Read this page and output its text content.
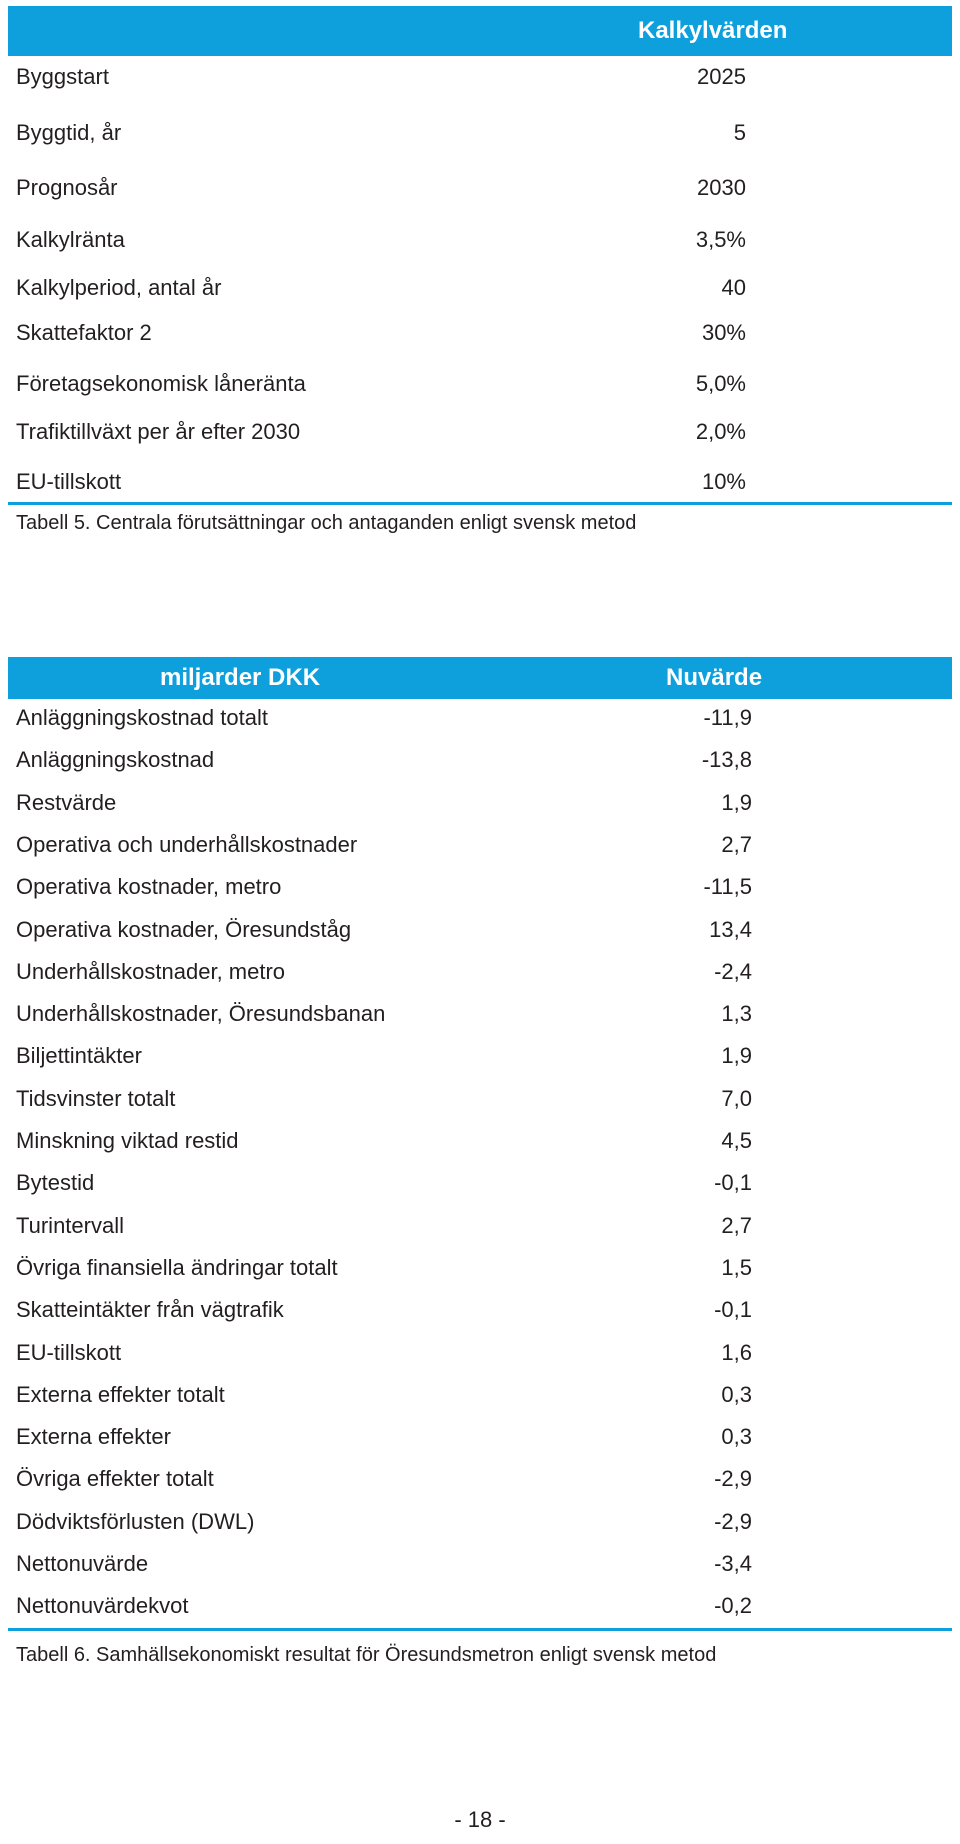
Kalkylvärden
Byggstart	2025
Byggtid, år	5
Prognosår	2030
Kalkylränta	3,5%
Kalkylperiod, antal år	40
Skattefaktor 2	30%
Företagsekonomisk låneränta	5,0%
Trafiktillväxt per år efter 2030	2,0%
EU-tillskott	10%
Tabell 5. Centrala förutsättningar och antaganden enligt svensk metod
miljarder DKK	Nuvärde
Anläggningskostnad totalt	-11,9
Anläggningskostnad	-13,8
Restvärde	1,9
Operativa och underhållskostnader	2,7
Operativa kostnader, metro	-11,5
Operativa kostnader, Öresundståg	13,4
Underhållskostnader, metro	-2,4
Underhållskostnader, Öresundsbanan	1,3
Biljettintäkter	1,9
Tidsvinster totalt	7,0
Minskning viktad restid	4,5
Bytestid	-0,1
Turintervall	2,7
Övriga finansiella ändringar totalt	1,5
Skatteintäkter från vägtrafik	-0,1
EU-tillskott	1,6
Externa effekter totalt	0,3
Externa effekter	0,3
Övriga effekter totalt	-2,9
Dödviktsförlusten (DWL)	-2,9
Nettonuvärde	-3,4
Nettonuvärdekvot	-0,2
Tabell 6. Samhällsekonomiskt resultat för Öresundsmetron enligt svensk metod
- 18 -
